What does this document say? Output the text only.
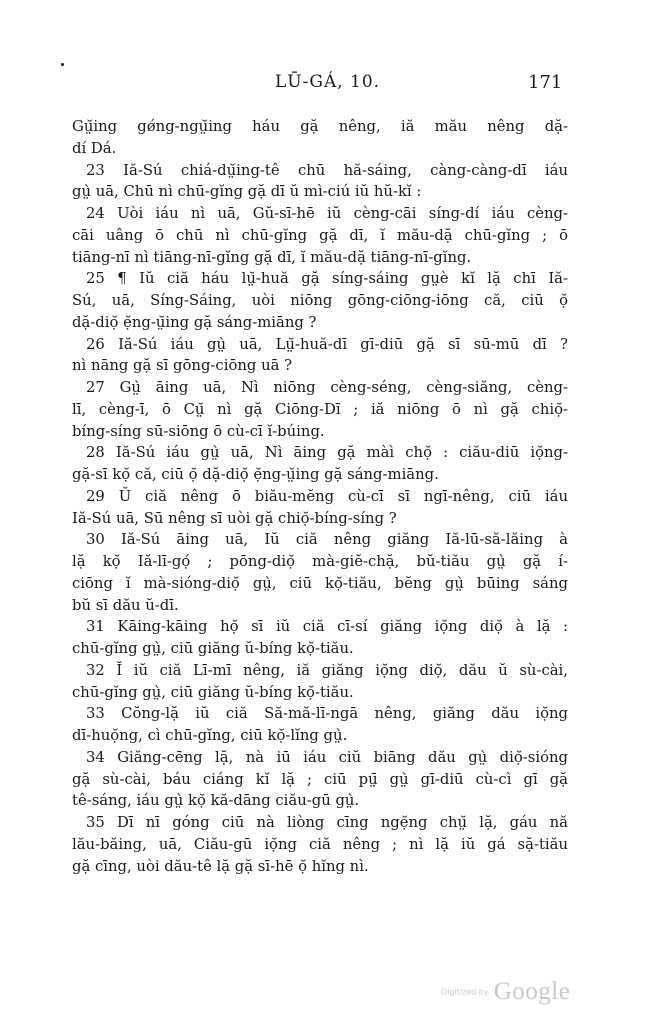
LŪ-GÁ, 10.	171
Gṳ̆ing gǿng-ngṳ̆ing háu gặ nêng, iă mău nêng dặ-
dí Dá.
23 Iă-Sú chiá-dṳ̆ing-tê chū hă-sáing, càng-càng-dī iáu
gṳ̀ uā, Chū nì chū-gĭng gặ dī ŭ mì-ciú iŭ hŭ-kĭ :
24 Uòi iáu nì uā, Gŭ-sī-hē iŭ cèng-cāi síng-dí iáu cèng-
cāi uâng ō chū nì chū-gĭng gặ dī, ĭ mău-dặ chū-gĭng ; ō
tiāng-nī nì tiāng-nī-gĭng gặ dī, ĭ mău-dặ tiāng-nī-gĭng.
25 ¶ Iŭ ciă háu lṳ̆-huă gặ síng-sáing gṳè kĭ lặ chī Iă-
Sú, uā, Síng-Sáing, uòi niōng gōng-ciōng-iōng că, ciū ọ̆
dặ-diọ̆ ẹ̆ng-ṳ̆ing gặ sáng-miāng ?
26 Iă-Sú iáu gṳ̀ uā, Lṳ̆-huă-dī gī-diū gặ sī sū-mū dī ?
nì nāng gặ sī gōng-ciōng uā ?
27 Gṳ̀ āing uā, Nì niōng cèng-séng, cèng-siăng, cèng-
lī, cèng-ī, ō Cṳ̆ nì gặ Ciōng-Dī ; iă niōng ō nì gặ chiọ̆-
bíng-síng sū-siōng ō cù-cī ĭ-búing.
28 Iă-Sú iáu gṳ̀ uā, Nì āing gặ màì chọ̆ : ciău-diū iọ̆ng-
gặ-sī kọ̆ că, ciū ọ̆ dặ-diọ̆ ẹ̆ng-ṳ̆ing gặ sáng-miāng.
29 Ŭ ciă nêng ō biău-mĕng cù-cī sī ngī-nêng, ciū iáu
Iă-Sú uā, Sū nêng sī uòi gặ chiọ̆-bíng-síng ?
30 Iă-Sú āing uā, Iŭ ciă nêng giăng Iă-lū-să-lăing à
lặ kọ̆ Iă-lī-gọ́ ; pōng-diọ̆ mà-giĕ-chặ, bŭ-tiău gṳ̀ gặ í-
ciōng ĭ mà-sióng-diọ̆ gṳ̀, ciū kọ̆-tiău, bĕng gṳ̀ būing sáng
bŭ sī dău ŭ-dī.
31 Kāing-kāing họ̆ sī iŭ ciă cī-sí giăng iọ̆ng diọ̆ à lặ :
chū-gĭng gṳ̀, ciū giăng ŭ-bíng kọ̆-tiău.
32 Ĭ iŭ ciă Lī-mī nêng, iă giăng iọ̆ng diọ̆, dău ŭ sù-cài,
chū-gĭng gṳ̀, ciū giăng ŭ-bíng kọ̆-tiău.
33 Cŏng-lặ iŭ ciă Să-mă-lī-ngā nêng, giăng dău iọ̆ng
dī-huọ̆ng, cì chū-gĭng, ciū kọ̆-lĭng gṳ̀.
34 Giăng-cēng lặ, nà iū iáu ciŭ biāng dău gṳ̀ diọ̆-sióng
gặ sù-cài, báu ciáng kĭ lặ ; ciū pṳ̄ gṳ̀ gī-diū cù-cì gī gặ
tê-sáng, iáu gṳ̀ kọ̆ kă-dāng ciău-gū gṳ̀.
35 Dī nī góng ciū nà liòng cīng ngẹ̆ng chṳ̆ lặ, gáu nă
lău-băing, uā, Ciău-gū iọ̆ng ciă nêng ; nì lặ iŭ gá sặ-tiău
gặ cīng, uòi dău-tê lặ gặ sī-hē ọ̆ hĭng nì.
Digitized by Google
